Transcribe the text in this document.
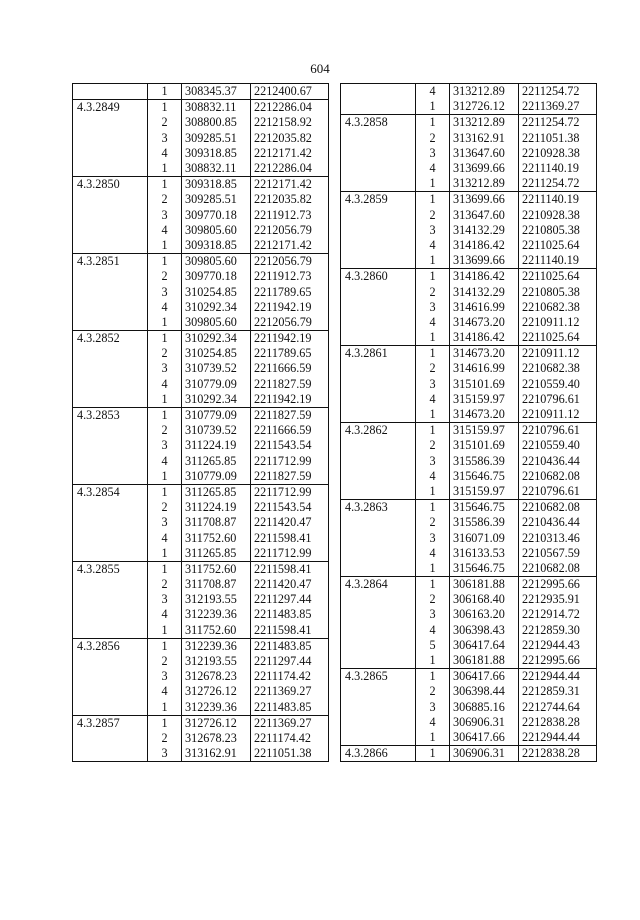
604
	1	308345.37	2212400.67
4.3.2849	1	308832.11	2212286.04
	2	308800.85	2212158.92
	3	309285.51	2212035.82
	4	309318.85	2212171.42
	1	308832.11	2212286.04
4.3.2850	1	309318.85	2212171.42
	2	309285.51	2212035.82
	3	309770.18	2211912.73
	4	309805.60	2212056.79
	1	309318.85	2212171.42
4.3.2851	1	309805.60	2212056.79
	2	309770.18	2211912.73
	3	310254.85	2211789.65
	4	310292.34	2211942.19
	1	309805.60	2212056.79
4.3.2852	1	310292.34	2211942.19
	2	310254.85	2211789.65
	3	310739.52	2211666.59
	4	310779.09	2211827.59
	1	310292.34	2211942.19
4.3.2853	1	310779.09	2211827.59
	2	310739.52	2211666.59
	3	311224.19	2211543.54
	4	311265.85	2211712.99
	1	310779.09	2211827.59
4.3.2854	1	311265.85	2211712.99
	2	311224.19	2211543.54
	3	311708.87	2211420.47
	4	311752.60	2211598.41
	1	311265.85	2211712.99
4.3.2855	1	311752.60	2211598.41
	2	311708.87	2211420.47
	3	312193.55	2211297.44
	4	312239.36	2211483.85
	1	311752.60	2211598.41
4.3.2856	1	312239.36	2211483.85
	2	312193.55	2211297.44
	3	312678.23	2211174.42
	4	312726.12	2211369.27
	1	312239.36	2211483.85
4.3.2857	1	312726.12	2211369.27
	2	312678.23	2211174.42
	3	313162.91	2211051.38
	4	313212.89	2211254.72
	1	312726.12	2211369.27
4.3.2858	1	313212.89	2211254.72
	2	313162.91	2211051.38
	3	313647.60	2210928.38
	4	313699.66	2211140.19
	1	313212.89	2211254.72
4.3.2859	1	313699.66	2211140.19
	2	313647.60	2210928.38
	3	314132.29	2210805.38
	4	314186.42	2211025.64
	1	313699.66	2211140.19
4.3.2860	1	314186.42	2211025.64
	2	314132.29	2210805.38
	3	314616.99	2210682.38
	4	314673.20	2210911.12
	1	314186.42	2211025.64
4.3.2861	1	314673.20	2210911.12
	2	314616.99	2210682.38
	3	315101.69	2210559.40
	4	315159.97	2210796.61
	1	314673.20	2210911.12
4.3.2862	1	315159.97	2210796.61
	2	315101.69	2210559.40
	3	315586.39	2210436.44
	4	315646.75	2210682.08
	1	315159.97	2210796.61
4.3.2863	1	315646.75	2210682.08
	2	315586.39	2210436.44
	3	316071.09	2210313.46
	4	316133.53	2210567.59
	1	315646.75	2210682.08
4.3.2864	1	306181.88	2212995.66
	2	306168.40	2212935.91
	3	306163.20	2212914.72
	4	306398.43	2212859.30
	5	306417.64	2212944.43
	1	306181.88	2212995.66
4.3.2865	1	306417.66	2212944.44
	2	306398.44	2212859.31
	3	306885.16	2212744.64
	4	306906.31	2212838.28
	1	306417.66	2212944.44
4.3.2866	1	306906.31	2212838.28
